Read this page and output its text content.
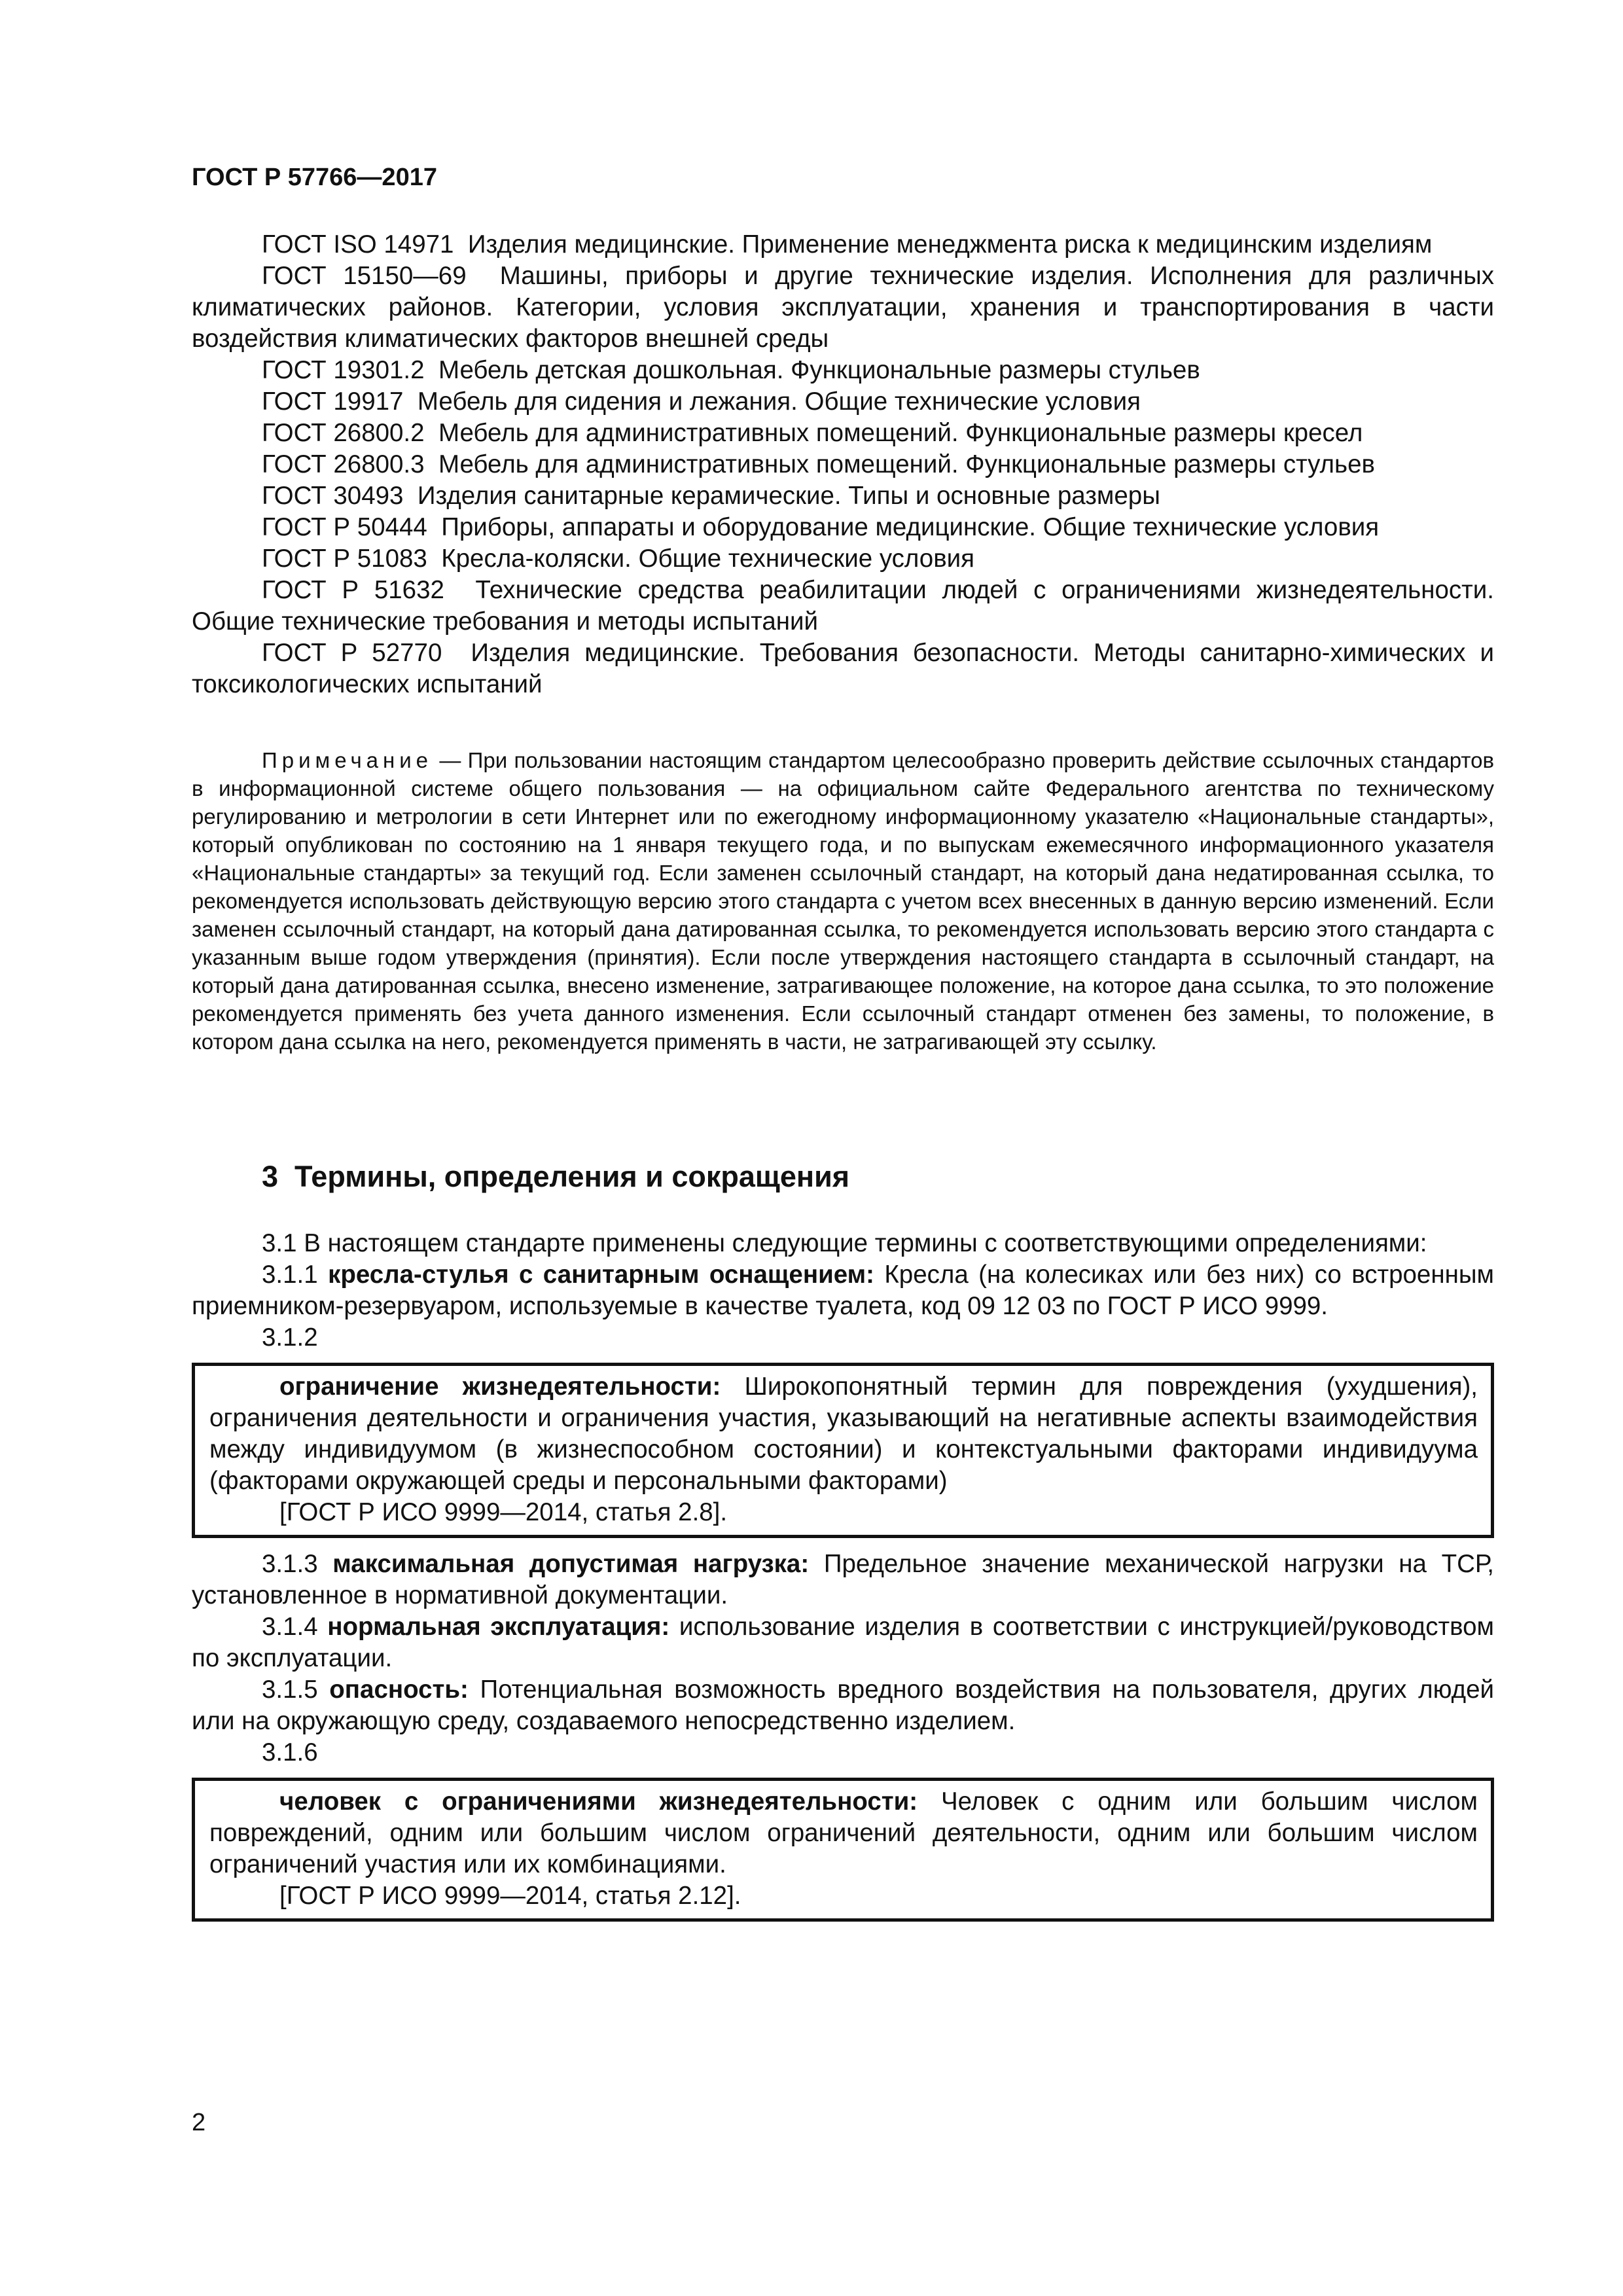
ГОСТ Р 57766—2017

ГОСТ ISO 14971 Изделия медицинские. Применение менеджмента риска к медицинским изделиям

ГОСТ 15150—69 Машины, приборы и другие технические изделия. Исполнения для различных климатических районов. Категории, условия эксплуатации, хранения и транспортирования в части воздействия климатических факторов внешней среды

ГОСТ 19301.2 Мебель детская дошкольная. Функциональные размеры стульев

ГОСТ 19917 Мебель для сидения и лежания. Общие технические условия

ГОСТ 26800.2 Мебель для административных помещений. Функциональные размеры кресел

ГОСТ 26800.3 Мебель для административных помещений. Функциональные размеры стульев

ГОСТ 30493 Изделия санитарные керамические. Типы и основные размеры

ГОСТ Р 50444 Приборы, аппараты и оборудование медицинские. Общие технические условия

ГОСТ Р 51083 Кресла-коляски. Общие технические условия

ГОСТ Р 51632 Технические средства реабилитации людей с ограничениями жизнедеятельности. Общие технические требования и методы испытаний

ГОСТ Р 52770 Изделия медицинские. Требования безопасности. Методы санитарно-химических и токсикологических испытаний

Примечание — При пользовании настоящим стандартом целесообразно проверить действие ссылочных стандартов в информационной системе общего пользования — на официальном сайте Федерального агентства по техническому регулированию и метрологии в сети Интернет или по ежегодному информационному указателю «Национальные стандарты», который опубликован по состоянию на 1 января текущего года, и по выпускам ежемесячного информационного указателя «Национальные стандарты» за текущий год. Если заменен ссылочный стандарт, на который дана недатированная ссылка, то рекомендуется использовать действующую версию этого стандарта с учетом всех внесенных в данную версию изменений. Если заменен ссылочный стандарт, на который дана датированная ссылка, то рекомендуется использовать версию этого стандарта с указанным выше годом утверждения (принятия). Если после утверждения настоящего стандарта в ссылочный стандарт, на который дана датированная ссылка, внесено изменение, затрагивающее положение, на которое дана ссылка, то это положение рекомендуется применять без учета данного изменения. Если ссылочный стандарт отменен без замены, то положение, в котором дана ссылка на него, рекомендуется применять в части, не затрагивающей эту ссылку.

3 Термины, определения и сокращения

3.1 В настоящем стандарте применены следующие термины с соответствующими определениями:

3.1.1 кресла-стулья с санитарным оснащением: Кресла (на колесиках или без них) со встроенным приемником-резервуаром, используемые в качестве туалета, код 09 12 03 по ГОСТ Р ИСО 9999.

3.1.2

ограничение жизнедеятельности: Широкопонятный термин для повреждения (ухудшения), ограничения деятельности и ограничения участия, указывающий на негативные аспекты взаимодействия между индивидуумом (в жизнеспособном состоянии) и контекстуальными факторами индивидуума (факторами окружающей среды и персональными факторами)

[ГОСТ Р ИСО 9999—2014, статья 2.8].

3.1.3 максимальная допустимая нагрузка: Предельное значение механической нагрузки на ТСР, установленное в нормативной документации.

3.1.4 нормальная эксплуатация: использование изделия в соответствии с инструкцией/руководством по эксплуатации.

3.1.5 опасность: Потенциальная возможность вредного воздействия на пользователя, других людей или на окружающую среду, создаваемого непосредственно изделием.

3.1.6

человек с ограничениями жизнедеятельности: Человек с одним или большим числом повреждений, одним или большим числом ограничений деятельности, одним или большим числом ограничений участия или их комбинациями.

[ГОСТ Р ИСО 9999—2014, статья 2.12].

2
